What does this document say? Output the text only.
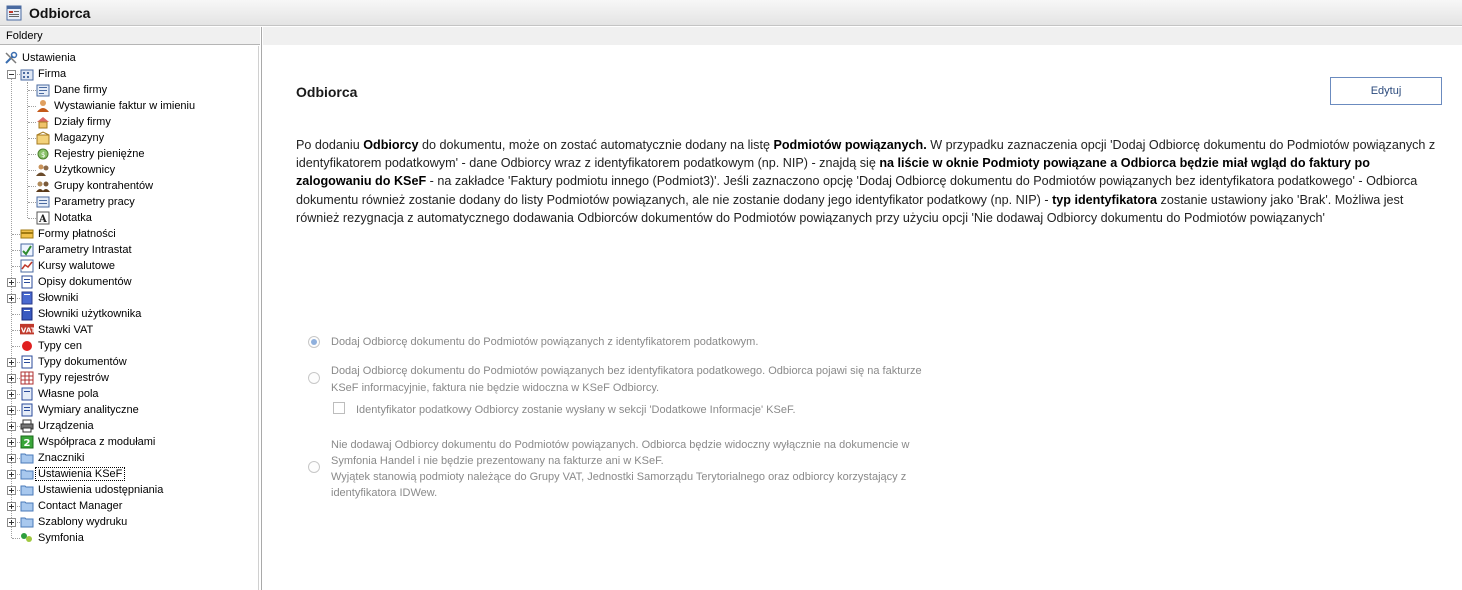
Odbiorca
Foldery
Ustawienia
Firma
Dane firmy
Wystawianie faktur w imieniu
Działy firmy
Magazyny
$ Rejestry pieniężne
Użytkownicy
Grupy kontrahentów
Parametry pracy
A Notatka
Formy płatności
Parametry Intrastat
Kursy walutowe
Opisy dokumentów
Słowniki
Słowniki użytkownika
VAT Stawki VAT
Typy cen
Typy dokumentów
Typy rejestrów
Własne pola
Wymiary analityczne
Urządzenia
2 Współpraca z modułami
Znaczniki
Ustawienia KSeF
Ustawienia udostępniania
Contact Manager
Szablony wydruku
Symfonia
Odbiorca	Edytuj
Po dodaniu Odbiorcy do dokumentu, może on zostać automatycznie dodany na listę Podmiotów powiązanych. W przypadku zaznaczenia opcji 'Dodaj Odbiorcę dokumentu do Podmiotów powiązanych z identyfikatorem podatkowym' - dane Odbiorcy wraz z identyfikatorem podatkowym (np. NIP) - znajdą się na liście w oknie Podmioty powiązane a Odbiorca będzie miał wgląd do faktury po zalogowaniu do KSeF - na zakładce 'Faktury podmiotu innego (Podmiot3)'. Jeśli zaznaczono opcję 'Dodaj Odbiorcę dokumentu do Podmiotów powiązanych bez identyfikatora podatkowego' - Odbiorca dokumentu również zostanie dodany do listy Podmiotów powiązanych, ale nie zostanie dodany jego identyfikator podatkowy (np. NIP) - typ identyfikatora zostanie ustawiony jako 'Brak'. Możliwa jest również rezygnacja z automatycznego dodawania Odbiorców dokumentów do Podmiotów powiązanych przy użyciu opcji 'Nie dodawaj Odbiorcy dokumentu do Podmiotów powiązanych'
Dodaj Odbiorcę dokumentu do Podmiotów powiązanych z identyfikatorem podatkowym.
Dodaj Odbiorcę dokumentu do Podmiotów powiązanych bez identyfikatora podatkowego. Odbiorca pojawi się na fakturze
KSeF informacyjnie, faktura nie będzie widoczna w KSeF Odbiorcy.
Identyfikator podatkowy Odbiorcy zostanie wysłany w sekcji 'Dodatkowe Informacje' KSeF.
Nie dodawaj Odbiorcy dokumentu do Podmiotów powiązanych. Odbiorca będzie widoczny wyłącznie na dokumencie w
Symfonia Handel i nie będzie prezentowany na fakturze ani w KSeF.
Wyjątek stanowią podmioty należące do Grupy VAT, Jednostki Samorządu Terytorialnego oraz odbiorcy korzystający z
identyfikatora IDWew.
